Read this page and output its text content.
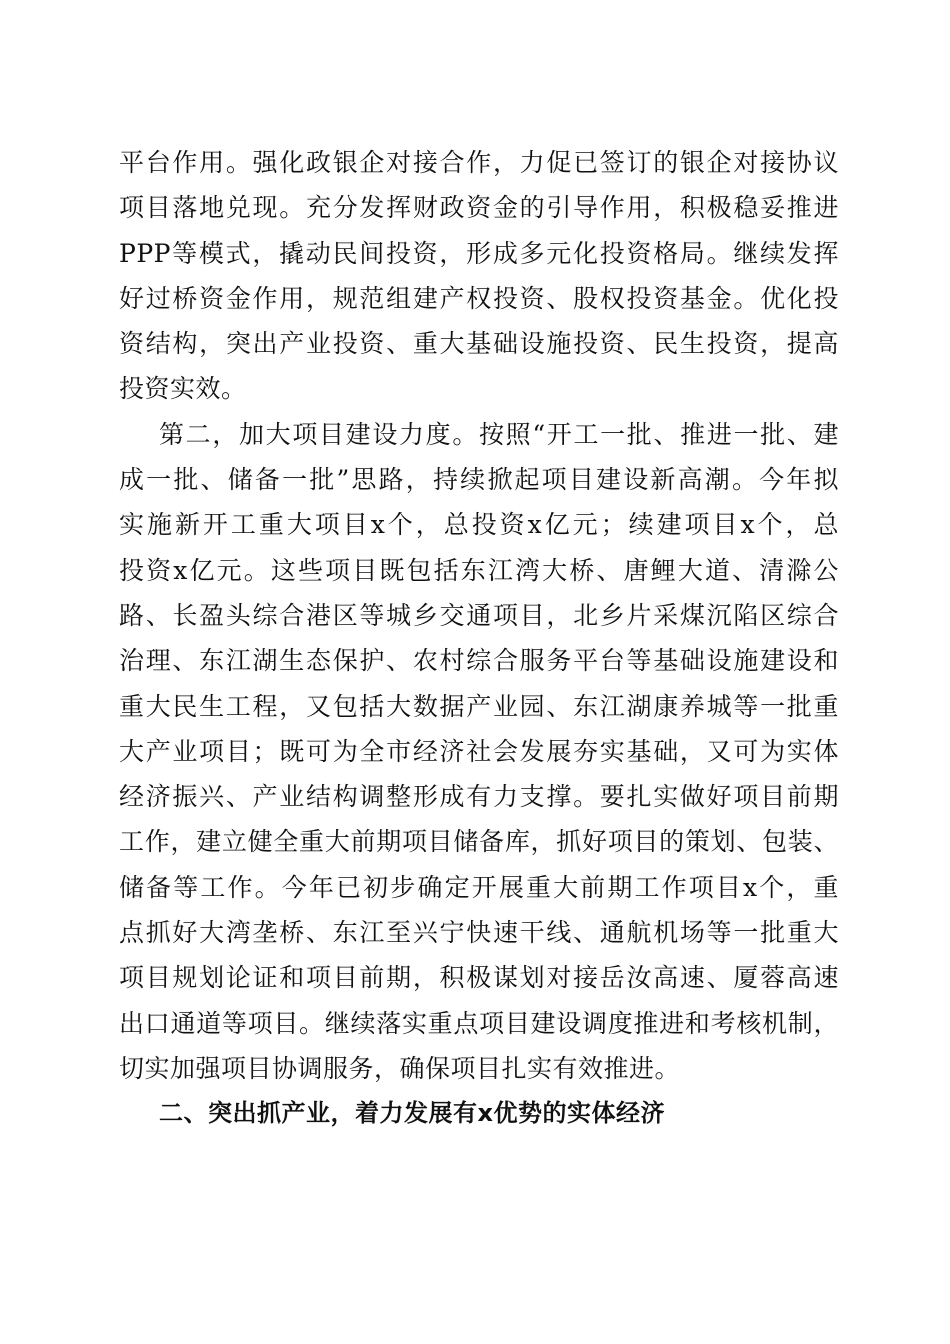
平台作用。强化政银企对接合作，力促已签订的银企对接协议
项目落地兑现。充分发挥财政资金的引导作用，积极稳妥推进
PPP等模式，撬动民间投资，形成多元化投资格局。继续发挥
好过桥资金作用，规范组建产权投资、股权投资基金。优化投
资结构，突出产业投资、重大基础设施投资、民生投资，提高
投资实效。
第二，加大项目建设力度。按照“开工一批、推进一批、建
成一批、储备一批”思路，持续掀起项目建设新高潮。今年拟
实施新开工重大项目x个，总投资x亿元；续建项目x个，总
投资x亿元。这些项目既包括东江湾大桥、唐鲤大道、清滁公
路、长盈头综合港区等城乡交通项目，北乡片采煤沉陷区综合
治理、东江湖生态保护、农村综合服务平台等基础设施建设和
重大民生工程，又包括大数据产业园、东江湖康养城等一批重
大产业项目；既可为全市经济社会发展夯实基础，又可为实体
经济振兴、产业结构调整形成有力支撑。要扎实做好项目前期
工作，建立健全重大前期项目储备库，抓好项目的策划、包装、
储备等工作。今年已初步确定开展重大前期工作项目x个，重
点抓好大湾垄桥、东江至兴宁快速干线、通航机场等一批重大
项目规划论证和项目前期，积极谋划对接岳汝高速、厦蓉高速
出口通道等项目。继续落实重点项目建设调度推进和考核机制，
切实加强项目协调服务，确保项目扎实有效推进。
二、突出抓产业，着力发展有x优势的实体经济
